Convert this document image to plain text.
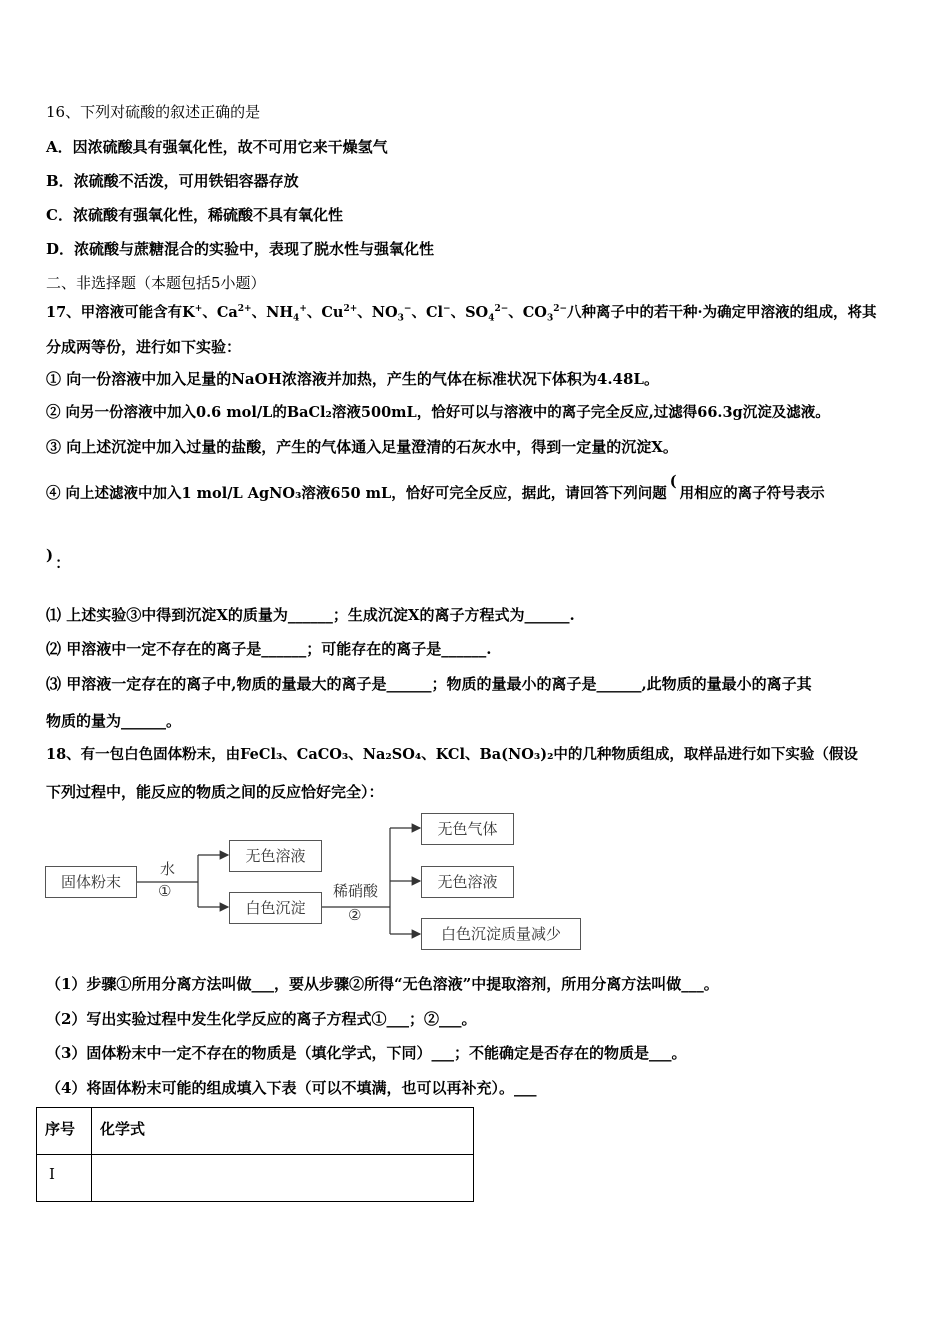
16、下列对硫酸的叙述正确的是
A．因浓硫酸具有强氧化性，故不可用它来干燥氢气
B．浓硫酸不活泼，可用铁铝容器存放
C．浓硫酸有强氧化性，稀硫酸不具有氧化性
D．浓硫酸与蔗糖混合的实验中，表现了脱水性与强氧化性
二、非选择题（本题包括5小题）
17、甲溶液可能含有K+、$Ca^{2+}$、$NH_4^+$、$Cu^{2+}$、$NO_3^-$、Cl−、$SO_4^{2-}$、$CO_3^{2-}$八种离子中的若干种·为确定甲溶液的组成，将其
分成两等份，进行如下实验：
① 向一份溶液中加入足量的NaOH浓溶液并加热，产生的气体在标准状况下体积为4.48L。
② 向另一份溶液中加入0.6 mol/L的BaCl₂溶液500mL，恰好可以与溶液中的离子完全反应,过滤得66.3g沉淀及滤液。
③ 向上述沉淀中加入过量的盐酸，产生的气体通入足量澄清的石灰水中，得到一定量的沉淀X。
④ 向上述滤液中加入1 mol/L AgNO₃溶液650 mL，恰好可完全反应，据此，请回答下列问题(用相应的离子符号表示
) ：
⑴ 上述实验③中得到沉淀X的质量为______；生成沉淀X的离子方程式为______.
⑵ 甲溶液中一定不存在的离子是______；可能存在的离子是______.
⑶ 甲溶液一定存在的离子中,物质的量最大的离子是______；物质的量最小的离子是______,此物质的量最小的离子其
物质的量为______。
18、有一包白色固体粉末，由FeCl₃、CaCO₃、Na₂SO₄、KCl、Ba(NO₃)₂中的几种物质组成，取样品进行如下实验（假设
下列过程中，能反应的物质之间的反应恰好完全）：
固体粉末
水
①
无色溶液
白色沉淀
稀硝酸
②
无色气体
无色溶液
白色沉淀质量减少
（1）步骤①所用分离方法叫做___，要从步骤②所得“无色溶液”中提取溶剂，所用分离方法叫做___。
（2）写出实验过程中发生化学反应的离子方程式①___；②___。
（3）固体粉末中一定不存在的物质是（填化学式，下同）___；不能确定是否存在的物质是___。
（4）将固体粉末可能的组成填入下表（可以不填满，也可以再补充）。___
序号	化学式
Ⅰ	
